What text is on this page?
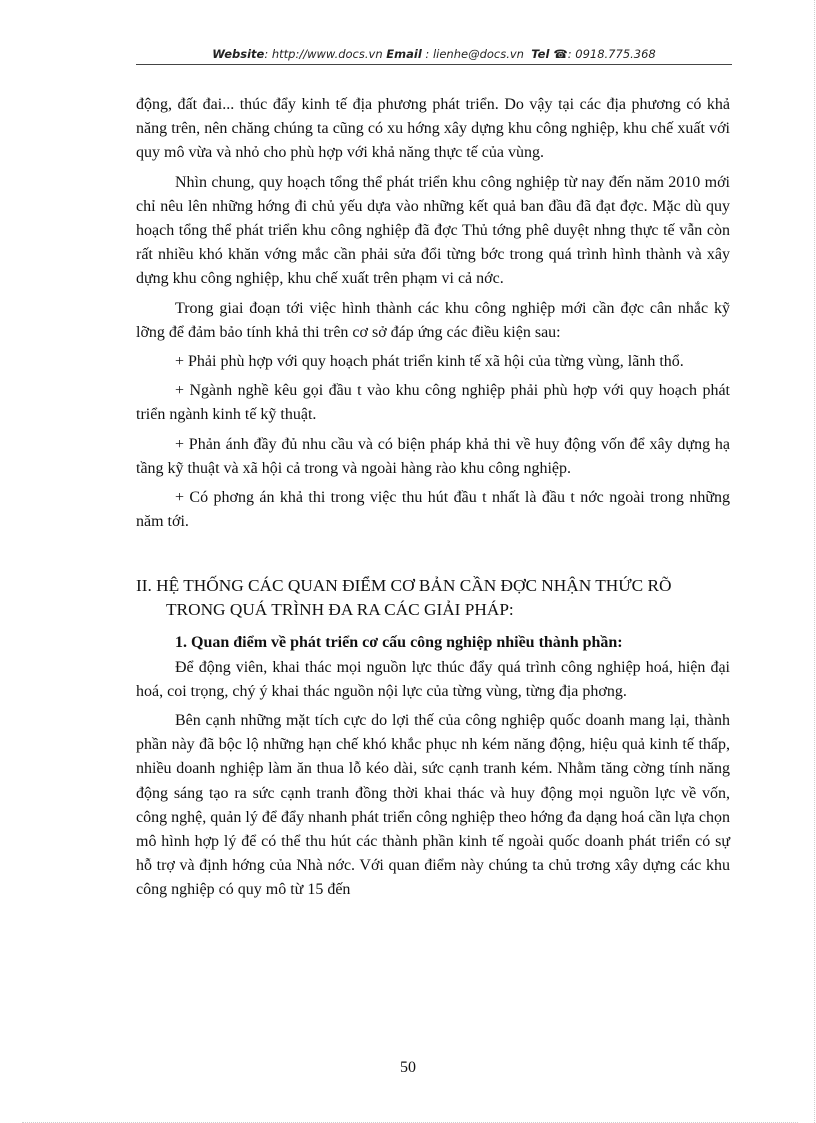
Website: http://www.docs.vn Email : lienhe@docs.vn Tel ☎: 0918.775.368

động, đất đai... thúc đẩy kinh tế địa phương phát triển. Do vậy tại các địa phương có khả năng trên, nên chăng chúng ta cũng có xu hớng xây dựng khu công nghiệp, khu chế xuất với quy mô vừa và nhỏ cho phù hợp với khả năng thực tế của vùng.

Nhìn chung, quy hoạch tổng thể phát triển khu công nghiệp từ nay đến năm 2010 mới chỉ nêu lên những hớng đi chủ yếu dựa vào những kết quả ban đầu đã đạt đợc. Mặc dù quy hoạch tổng thể phát triển khu công nghiệp đã đợc Thủ tớng phê duyệt nhng thực tế vẫn còn rất nhiều khó khăn vớng mắc cần phải sửa đổi từng bớc trong quá trình hình thành và xây dựng khu công nghiệp, khu chế xuất trên phạm vi cả nớc.

Trong giai đoạn tới việc hình thành các khu công nghiệp mới cần đợc cân nhắc kỹ lỡng để đảm bảo tính khả thi trên cơ sở đáp ứng các điều kiện sau:

+ Phải phù hợp với quy hoạch phát triển kinh tế xã hội của từng vùng, lãnh thổ.

+ Ngành nghề kêu gọi đầu t vào khu công nghiệp phải phù hợp với quy hoạch phát triển ngành kinh tế kỹ thuật.

+ Phản ánh đầy đủ nhu cầu và có biện pháp khả thi về huy động vốn để xây dựng hạ tầng kỹ thuật và xã hội cả trong và ngoài hàng rào khu công nghiệp.

+ Có phơng án khả thi trong việc thu hút đầu t nhất là đầu t nớc ngoài trong những năm tới.

II. HỆ THỐNG CÁC QUAN ĐIỂM CƠ BẢN CẦN ĐỢC NHẬN THỨC RÕ TRONG QUÁ TRÌNH ĐA RA CÁC GIẢI PHÁP:

1. Quan điểm về phát triển cơ cấu công nghiệp nhiều thành phần:

Để động viên, khai thác mọi nguồn lực thúc đẩy quá trình công nghiệp hoá, hiện đại hoá, coi trọng, chý ý khai thác nguồn nội lực của từng vùng, từng địa phơng.

Bên cạnh những mặt tích cực do lợi thế của công nghiệp quốc doanh mang lại, thành phần này đã bộc lộ những hạn chế khó khắc phục nh kém năng động, hiệu quả kinh tế thấp, nhiều doanh nghiệp làm ăn thua lỗ kéo dài, sức cạnh tranh kém. Nhằm tăng cờng tính năng động sáng tạo ra sức cạnh tranh đồng thời khai thác và huy động mọi nguồn lực về vốn, công nghệ, quản lý để đẩy nhanh phát triển công nghiệp theo hớng đa dạng hoá cần lựa chọn mô hình hợp lý để có thể thu hút các thành phần kinh tế ngoài quốc doanh phát triển có sự hỗ trợ và định hớng của Nhà nớc. Với quan điểm này chúng ta chủ trơng xây dựng các khu công nghiệp có quy mô từ 15 đến

50
